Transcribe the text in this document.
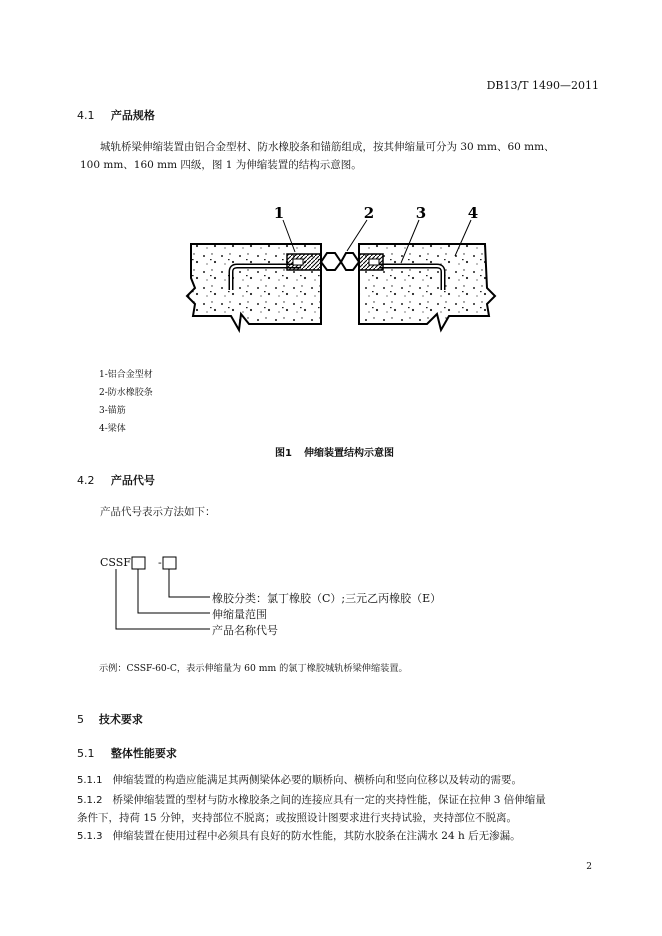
DB13/T 1490—2011
4.1 产品规格
城轨桥梁伸缩装置由铝合金型材、防水橡胶条和锚筋组成，按其伸缩量可分为 30 mm、60 mm、
100 mm、160 mm 四级，图 1 为伸缩装置的结构示意图。
1	2	3	4
1-铝合金型材
2-防水橡胶条
3-锚筋
4-梁体
图1 伸缩装置结构示意图
4.2 产品代号
产品代号表示方法如下：
CSSF -
橡胶分类：氯丁橡胶（C）;三元乙丙橡胶（E）
伸缩量范围
产品名称代号
示例：CSSF-60-C，表示伸缩量为 60 mm 的氯丁橡胶城轨桥梁伸缩装置。
5 技术要求
5.1 整体性能要求
5.1.1 伸缩装置的构造应能满足其两侧梁体必要的顺桥向、横桥向和竖向位移以及转动的需要。
5.1.2 桥梁伸缩装置的型材与防水橡胶条之间的连接应具有一定的夹持性能，保证在拉伸 3 倍伸缩量
条件下，持荷 15 分钟，夹持部位不脱离；或按照设计图要求进行夹持试验，夹持部位不脱离。
5.1.3 伸缩装置在使用过程中必须具有良好的防水性能，其防水胶条在注满水 24 h 后无渗漏。
2
